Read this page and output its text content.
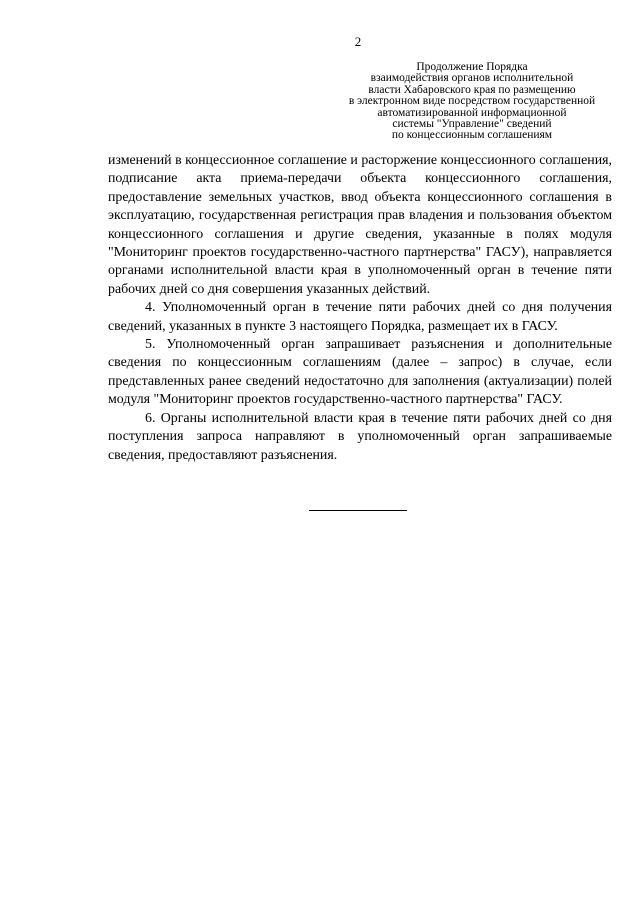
2
Продолжение Порядка
взаимодействия органов исполнительной
власти Хабаровского края по размещению
в электронном виде посредством государственной
автоматизированной информационной
системы "Управление" сведений
по концессионным соглашениям

изменений в концессионное соглашение и расторжение концессионного соглашения, подписание акта приема-передачи объекта концессионного соглашения, предоставление земельных участков, ввод объекта концессионного соглашения в эксплуатацию, государственная регистрация прав владения и пользования объектом концессионного соглашения и другие сведения, указанные в полях модуля "Мониторинг проектов государственно-частного партнерства" ГАСУ), направляется органами исполнительной власти края в уполномоченный орган в течение пяти рабочих дней со дня совершения указанных действий.

4. Уполномоченный орган в течение пяти рабочих дней со дня получения сведений, указанных в пункте 3 настоящего Порядка, размещает их в ГАСУ.

5. Уполномоченный орган запрашивает разъяснения и дополнительные сведения по концессионным соглашениям (далее – запрос) в случае, если представленных ранее сведений недостаточно для заполнения (актуализации) полей модуля "Мониторинг проектов государственно-частного партнерства" ГАСУ.

6. Органы исполнительной власти края в течение пяти рабочих дней со дня поступления запроса направляют в уполномоченный орган запрашиваемые сведения, предоставляют разъяснения.
